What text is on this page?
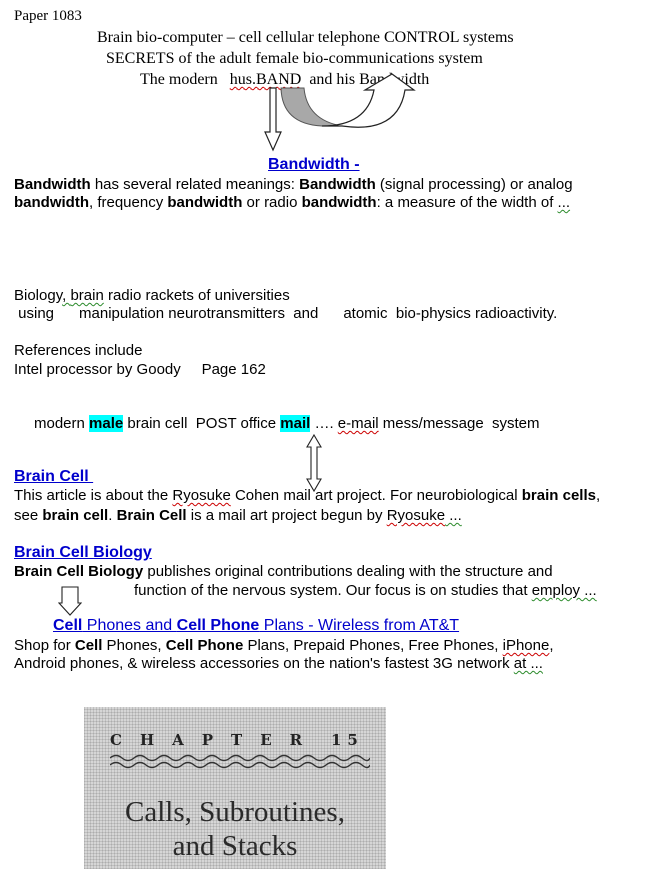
Paper 1083
Brain bio-computer – cell cellular telephone CONTROL systems
SECRETS of the adult female bio-communications system
The modern hus.BAND and his Bandwidth
Bandwidth -
Bandwidth has several related meanings: Bandwidth (signal processing) or analog
bandwidth, frequency bandwidth or radio bandwidth: a measure of the width of ...
Biology, brain radio rackets of universities
using      manipulation neurotransmitters  and      atomic  bio-physics radioactivity.
References include
Intel processor by Goody     Page 162
modern male brain cell  POST office mail …. e-mail mess/message  system
Brain Cell
This article is about the Ryosuke Cohen mail art project. For neurobiological brain cells,
see brain cell. Brain Cell is a mail art project begun by Ryosuke ...
Brain Cell Biology
Brain Cell Biology publishes original contributions dealing with the structure and
function of the nervous system. Our focus is on studies that employ ...
Cell Phones and Cell Phone Plans - Wireless from AT&T
Shop for Cell Phones, Cell Phone Plans, Prepaid Phones, Free Phones, iPhone,
Android phones, & wireless accessories on the nation's fastest 3G network at ...
CHAPTER 15
Calls, Subroutines,
and Stacks
